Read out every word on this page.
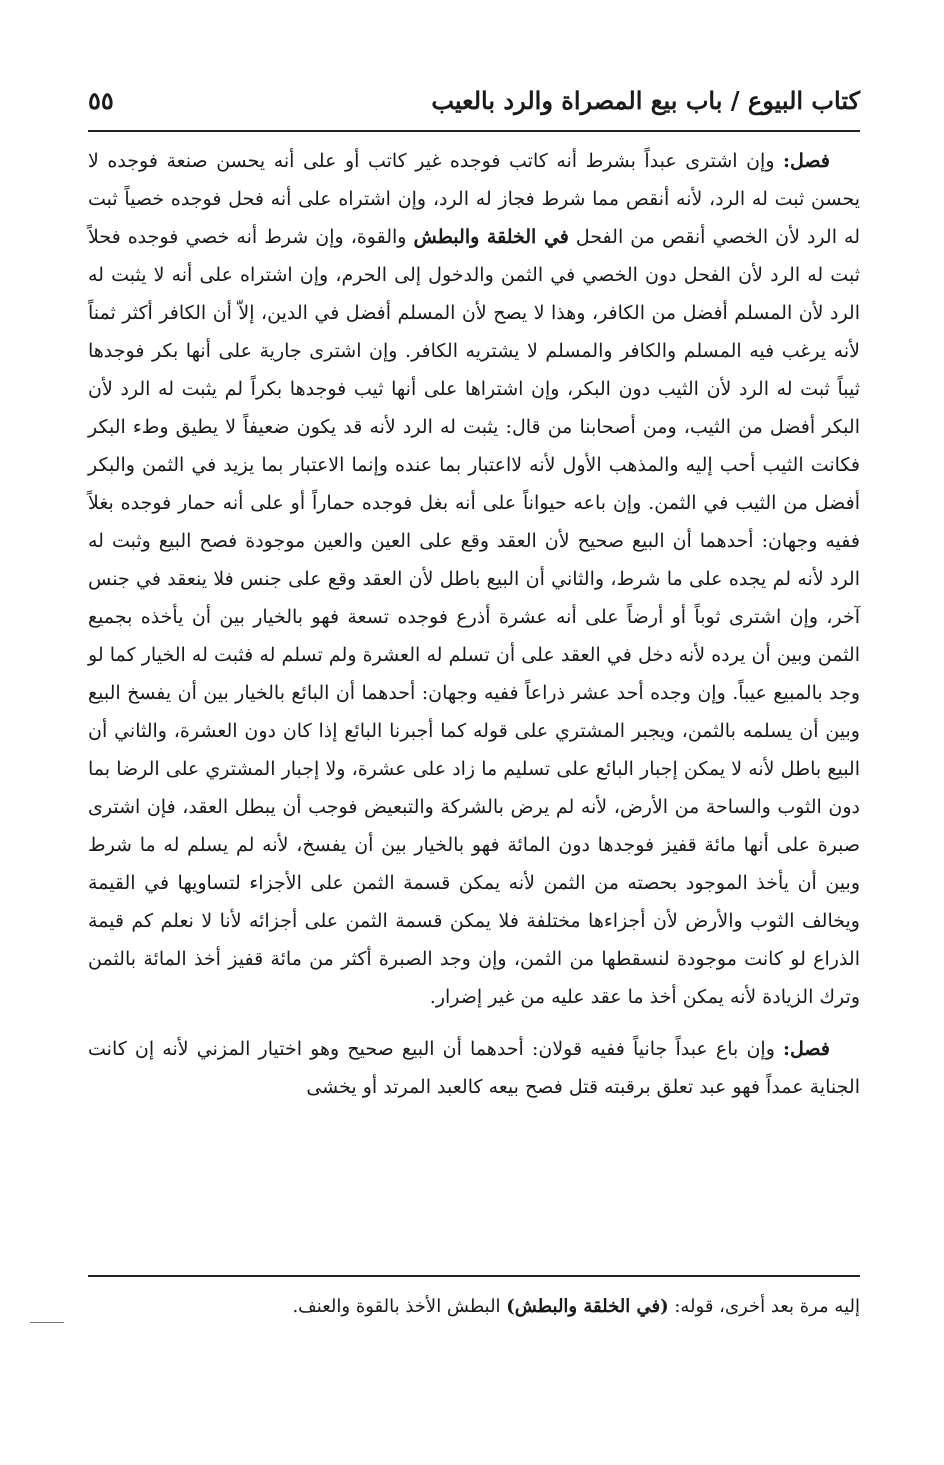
كتاب البيوع / باب بيع المصراة والرد بالعيب
٥٥

فصل: وإن اشترى عبداً بشرط أنه كاتب فوجده غير كاتب أو على أنه يحسن صنعة فوجده لا يحسن ثبت له الرد، لأنه أنقص مما شرط فجاز له الرد، وإن اشتراه على أنه فحل فوجده خصياً ثبت له الرد لأن الخصي أنقص من الفحل في الخلقة والبطش والقوة، وإن شرط أنه خصي فوجده فحلاً ثبت له الرد لأن الفحل دون الخصي في الثمن والدخول إلى الحرم، وإن اشتراه على أنه لا يثبت له الرد لأن المسلم أفضل من الكافر، وهذا لا يصح لأن المسلم أفضل في الدين، إلاّ أن الكافر أكثر ثمناً لأنه يرغب فيه المسلم والكافر والمسلم لا يشتريه الكافر. وإن اشترى جارية على أنها بكر فوجدها ثيباً ثبت له الرد لأن الثيب دون البكر، وإن اشتراها على أنها ثيب فوجدها بكراً لم يثبت له الرد لأن البكر أفضل من الثيب، ومن أصحابنا من قال: يثبت له الرد لأنه قد يكون ضعيفاً لا يطيق وطء البكر فكانت الثيب أحب إليه والمذهب الأول لأنه لااعتبار بما عنده وإنما الاعتبار بما يزيد في الثمن والبكر أفضل من الثيب في الثمن. وإن باعه حيواناً على أنه بغل فوجده حماراً أو على أنه حمار فوجده بغلاً ففيه وجهان: أحدهما أن البيع صحيح لأن العقد وقع على العين والعين موجودة فصح البيع وثبت له الرد لأنه لم يجده على ما شرط، والثاني أن البيع باطل لأن العقد وقع على جنس فلا ينعقد في جنس آخر، وإن اشترى ثوباً أو أرضاً على أنه عشرة أذرع فوجده تسعة فهو بالخيار بين أن يأخذه بجميع الثمن وبين أن يرده لأنه دخل في العقد على أن تسلم له العشرة ولم تسلم له فثبت له الخيار كما لو وجد بالمبيع عيباً. وإن وجده أحد عشر ذراعاً ففيه وجهان: أحدهما أن البائع بالخيار بين أن يفسخ البيع وبين أن يسلمه بالثمن، ويجبر المشتري على قوله كما أجبرنا البائع إذا كان دون العشرة، والثاني أن البيع باطل لأنه لا يمكن إجبار البائع على تسليم ما زاد على عشرة، ولا إجبار المشتري على الرضا بما دون الثوب والساحة من الأرض، لأنه لم يرض بالشركة والتبعيض فوجب أن يبطل العقد، فإن اشترى صبرة على أنها مائة قفيز فوجدها دون المائة فهو بالخيار بين أن يفسخ، لأنه لم يسلم له ما شرط وبين أن يأخذ الموجود بحصته من الثمن لأنه يمكن قسمة الثمن على الأجزاء لتساويها في القيمة ويخالف الثوب والأرض لأن أجزاءها مختلفة فلا يمكن قسمة الثمن على أجزائه لأنا لا نعلم كم قيمة الذراع لو كانت موجودة لنسقطها من الثمن، وإن وجد الصبرة أكثر من مائة قفيز أخذ المائة بالثمن وترك الزيادة لأنه يمكن أخذ ما عقد عليه من غير إضرار.

فصل: وإن باع عبداً جانياً ففيه قولان: أحدهما أن البيع صحيح وهو اختيار المزني لأنه إن كانت الجناية عمداً فهو عبد تعلق برقبته قتل فصح بيعه كالعبد المرتد أو يخشى

إليه مرة بعد أخرى، قوله: (في الخلقة والبطش) البطش الأخذ بالقوة والعنف.
